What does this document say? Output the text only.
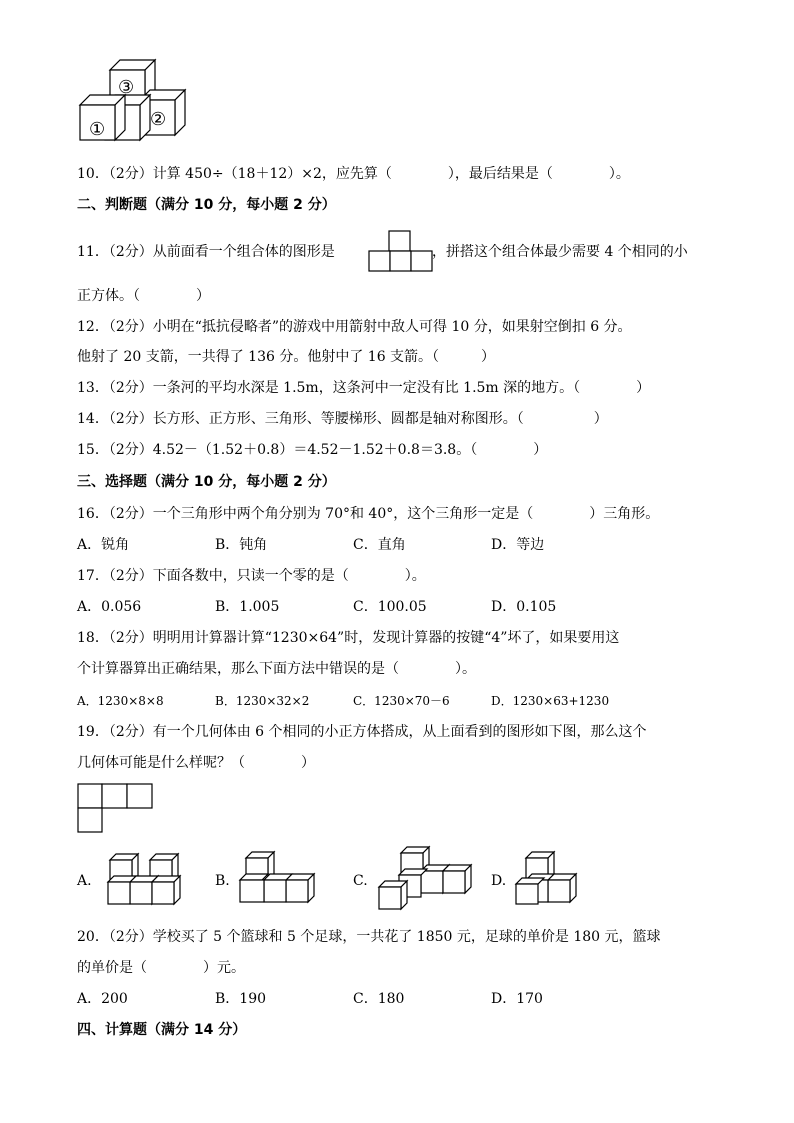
③
②
①
10．（2分）计算 450÷（18＋12）×2，应先算（　　　　），最后结果是（　　　　）。
二、判断题（满分 10 分，每小题 2 分）
11．（2分）从前面看一个组合体的图形是	，拼搭这个组合体最少需要 4 个相同的小
正方体。（　　　　）
12．（2分）小明在“抵抗侵略者”的游戏中用箭射中敌人可得 10 分，如果射空倒扣 6 分。
他射了 20 支箭，一共得了 136 分。他射中了 16 支箭。（　　　）
13．（2分）一条河的平均水深是 1.5m，这条河中一定没有比 1.5m 深的地方。（　　　　）
14．（2分）长方形、正方形、三角形、等腰梯形、圆都是轴对称图形。（　　　　　）
15．（2分）4.52－（1.52＋0.8）＝4.52－1.52＋0.8＝3.8。（　　　　）
三、选择题（满分 10 分，每小题 2 分）
16．（2分）一个三角形中两个角分别为 70°和 40°，这个三角形一定是（　　　　）三角形。
A．锐角	B．钝角	C．直角	D．等边
17．（2分）下面各数中，只读一个零的是（　　　　）。
A．0.056	B．1.005	C．100.05	D．0.105
18．（2分）明明用计算器计算“1230×64”时，发现计算器的按键“4”坏了，如果要用这
个计算器算出正确结果，那么下面方法中错误的是（　　　　）。
A．1230×8×8	B．1230×32×2	C．1230×70－6	D．1230×63+1230
19．（2分）有一个几何体由 6 个相同的小正方体搭成，从上面看到的图形如下图，那么这个
几何体可能是什么样呢？（　　　　）
A.	B.	C.	D.
20．（2分）学校买了 5 个篮球和 5 个足球，一共花了 1850 元，足球的单价是 180 元，篮球
的单价是（　　　　）元。
A．200	B．190	C．180	D．170
四、计算题（满分 14 分）
